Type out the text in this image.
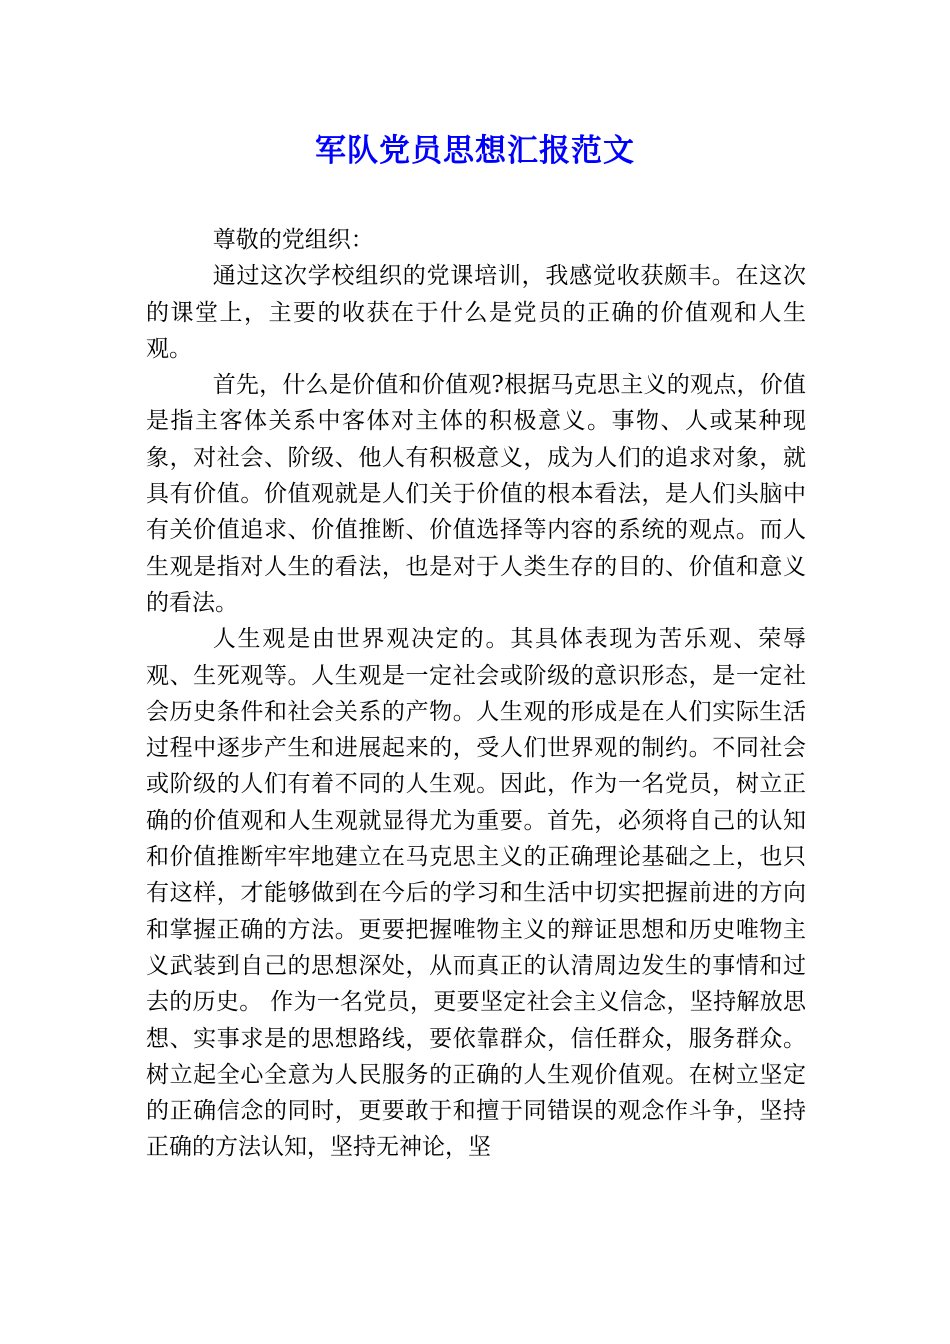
军队党员思想汇报范文

尊敬的党组织：

通过这次学校组织的党课培训，我感觉收获颇丰。在这次的课堂上，主要的收获在于什么是党员的正确的价值观和人生观。

首先，什么是价值和价值观?根据马克思主义的观点，价值是指主客体关系中客体对主体的积极意义。事物、人或某种现象，对社会、阶级、他人有积极意义，成为人们的追求对象，就具有价值。价值观就是人们关于价值的根本看法，是人们头脑中有关价值追求、价值推断、价值选择等内容的系统的观点。而人生观是指对人生的看法，也是对于人类生存的目的、价值和意义的看法。

人生观是由世界观决定的。其具体表现为苦乐观、荣辱观、生死观等。人生观是一定社会或阶级的意识形态，是一定社会历史条件和社会关系的产物。人生观的形成是在人们实际生活过程中逐步产生和进展起来的，受人们世界观的制约。不同社会或阶级的人们有着不同的人生观。因此，作为一名党员，树立正确的价值观和人生观就显得尤为重要。首先，必须将自己的认知和价值推断牢牢地建立在马克思主义的正确理论基础之上，也只有这样，才能够做到在今后的学习和生活中切实把握前进的方向和掌握正确的方法。更要把握唯物主义的辩证思想和历史唯物主义武装到自己的思想深处，从而真正的认清周边发生的事情和过去的历史。 作为一名党员，更要坚定社会主义信念，坚持解放思想、实事求是的思想路线，要依靠群众，信任群众，服务群众。树立起全心全意为人民服务的正确的人生观价值观。在树立坚定的正确信念的同时，更要敢于和擅于同错误的观念作斗争，坚持正确的方法认知，坚持无神论，坚
